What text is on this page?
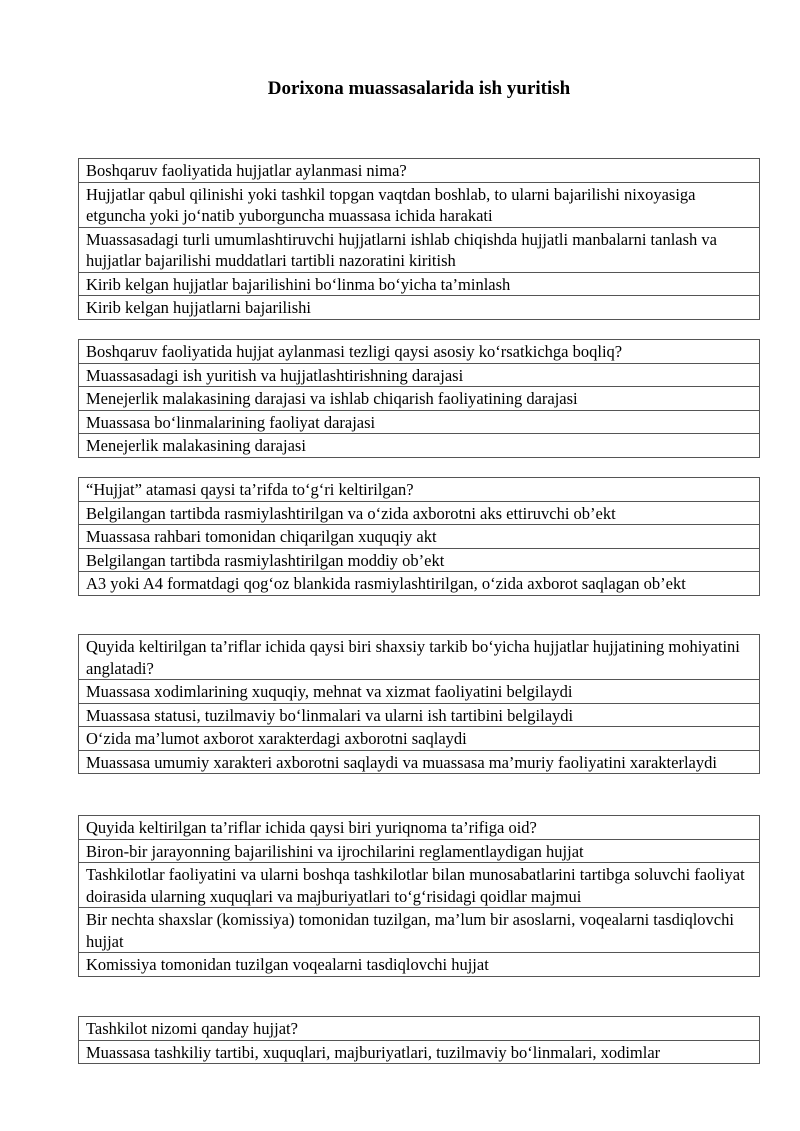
Dorixona muassasalarida ish yuritish
Boshqaruv faoliyatida hujjatlar aylanmasi nima?
Hujjatlar qabul qilinishi yoki tashkil topgan vaqtdan boshlab, to ularni bajarilishi nixoyasiga etguncha yoki jo‘natib yuborguncha muassasa ichida harakati
Muassasadagi turli umumlashtiruvchi hujjatlarni ishlab chiqishda hujjatli manbalarni tanlash va hujjatlar bajarilishi muddatlari tartibli nazoratini kiritish
Kirib kelgan hujjatlar bajarilishini bo‘linma bo‘yicha ta’minlash
Kirib kelgan hujjatlarni bajarilishi
Boshqaruv faoliyatida hujjat aylanmasi tezligi qaysi asosiy ko‘rsatkichga boqliq?
Muassasadagi ish yuritish va hujjatlashtirishning darajasi
Menejerlik malakasining darajasi va ishlab chiqarish faoliyatining darajasi
Muassasa bo‘linmalarining faoliyat darajasi
Menejerlik malakasining darajasi
“Hujjat” atamasi qaysi ta’rifda to‘g‘ri keltirilgan?
Belgilangan tartibda rasmiylashtirilgan va o‘zida axborotni aks ettiruvchi ob’ekt
Muassasa rahbari tomonidan chiqarilgan xuquqiy akt
Belgilangan tartibda rasmiylashtirilgan moddiy ob’ekt
A3 yoki A4 formatdagi qog‘oz blankida rasmiylashtirilgan, o‘zida axborot saqlagan ob’ekt
Quyida keltirilgan ta’riflar ichida qaysi biri shaxsiy tarkib bo‘yicha hujjatlar hujjatining mohiyatini anglatadi?
Muassasa xodimlarining xuquqiy, mehnat va xizmat faoliyatini belgilaydi
Muassasa statusi, tuzilmaviy bo‘linmalari va ularni ish tartibini belgilaydi
O‘zida ma’lumot axborot xarakterdagi axborotni saqlaydi
Muassasa umumiy xarakteri axborotni saqlaydi va muassasa ma’muriy faoliyatini xarakterlaydi
Quyida keltirilgan ta’riflar ichida qaysi biri yuriqnoma ta’rifiga oid?
Biron-bir jarayonning bajarilishini va ijrochilarini reglamentlaydigan hujjat
Tashkilotlar faoliyatini va ularni boshqa tashkilotlar bilan munosabatlarini tartibga soluvchi faoliyat doirasida ularning xuquqlari va majburiyatlari to‘g‘risidagi qoidlar majmui
Bir nechta shaxslar (komissiya) tomonidan tuzilgan, ma’lum bir asoslarni, voqealarni tasdiqlovchi hujjat
Komissiya tomonidan tuzilgan voqealarni tasdiqlovchi hujjat
Tashkilot nizomi qanday hujjat?
Muassasa tashkiliy tartibi, xuquqlari, majburiyatlari, tuzilmaviy bo‘linmalari, xodimlar
